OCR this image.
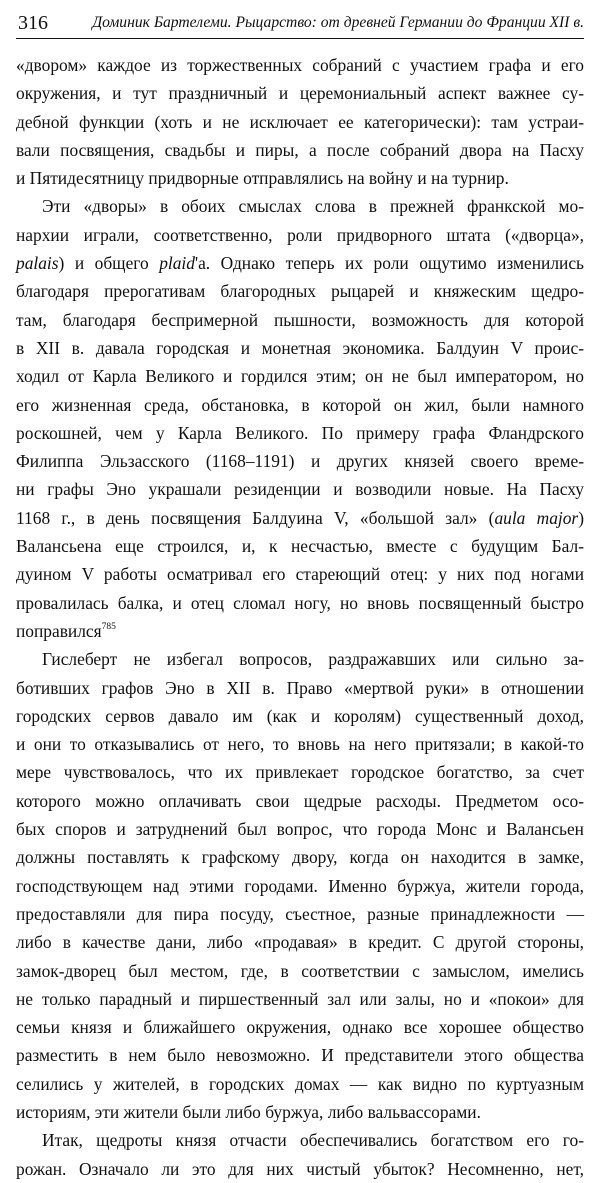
316	Доминик Бартелеми. Рыцарство: от древней Германии до Франции XII в.
«двором» каждое из торжественных собраний с участием графа и его
окружения, и тут праздничный и церемониальный аспект важнее су-
дебной функции (хоть и не исключает ее категорически): там устраи-
вали посвящения, свадьбы и пиры, а после собраний двора на Пасху
и Пятидесятницу придворные отправлялись на войну и на турнир.
Эти «дворы» в обоих смыслах слова в прежней франкской мо-
нархии играли, соответственно, роли придворного штата («дворца»,
palais) и общего plaid'а. Однако теперь их роли ощутимо изменились
благодаря прерогативам благородных рыцарей и княжеским щедро-
там, благодаря беспримерной пышности, возможность для которой
в XII в. давала городская и монетная экономика. Балдуин V проис-
ходил от Карла Великого и гордился этим; он не был императором, но
его жизненная среда, обстановка, в которой он жил, были намного
роскошней, чем у Карла Великого. По примеру графа Фландрского
Филиппа Эльзасского (1168–1191) и других князей своего време-
ни графы Эно украшали резиденции и возводили новые. На Пасху
1168 г., в день посвящения Балдуина V, «большой зал» (aula major)
Валансьена еще строился, и, к несчастью, вместе с будущим Бал-
дуином V работы осматривал его стареющий отец: у них под ногами
провалилась балка, и отец сломал ногу, но вновь посвященный быстро
поправился$^{785}$
Гислеберт не избегал вопросов, раздражавших или сильно за-
ботивших графов Эно в XII в. Право «мертвой руки» в отношении
городских сервов давало им (как и королям) существенный доход,
и они то отказывались от него, то вновь на него притязали; в какой-то
мере чувствовалось, что их привлекает городское богатство, за счет
которого можно оплачивать свои щедрые расходы. Предметом осо-
бых споров и затруднений был вопрос, что города Монс и Валансьен
должны поставлять к графскому двору, когда он находится в замке,
господствующем над этими городами. Именно буржуа, жители города,
предоставляли для пира посуду, съестное, разные принадлежности —
либо в качестве дани, либо «продавая» в кредит. С другой стороны,
замок-дворец был местом, где, в соответствии с замыслом, имелись
не только парадный и пиршественный зал или залы, но и «покои» для
семьи князя и ближайшего окружения, однако все хорошее общество
разместить в нем было невозможно. И представители этого общества
селились у жителей, в городских домах — как видно по куртуазным
историям, эти жители были либо буржуа, либо вальвассорами.
Итак, щедроты князя отчасти обеспечивались богатством его го-
рожан. Означало ли это для них чистый убыток? Несомненно, нет,
